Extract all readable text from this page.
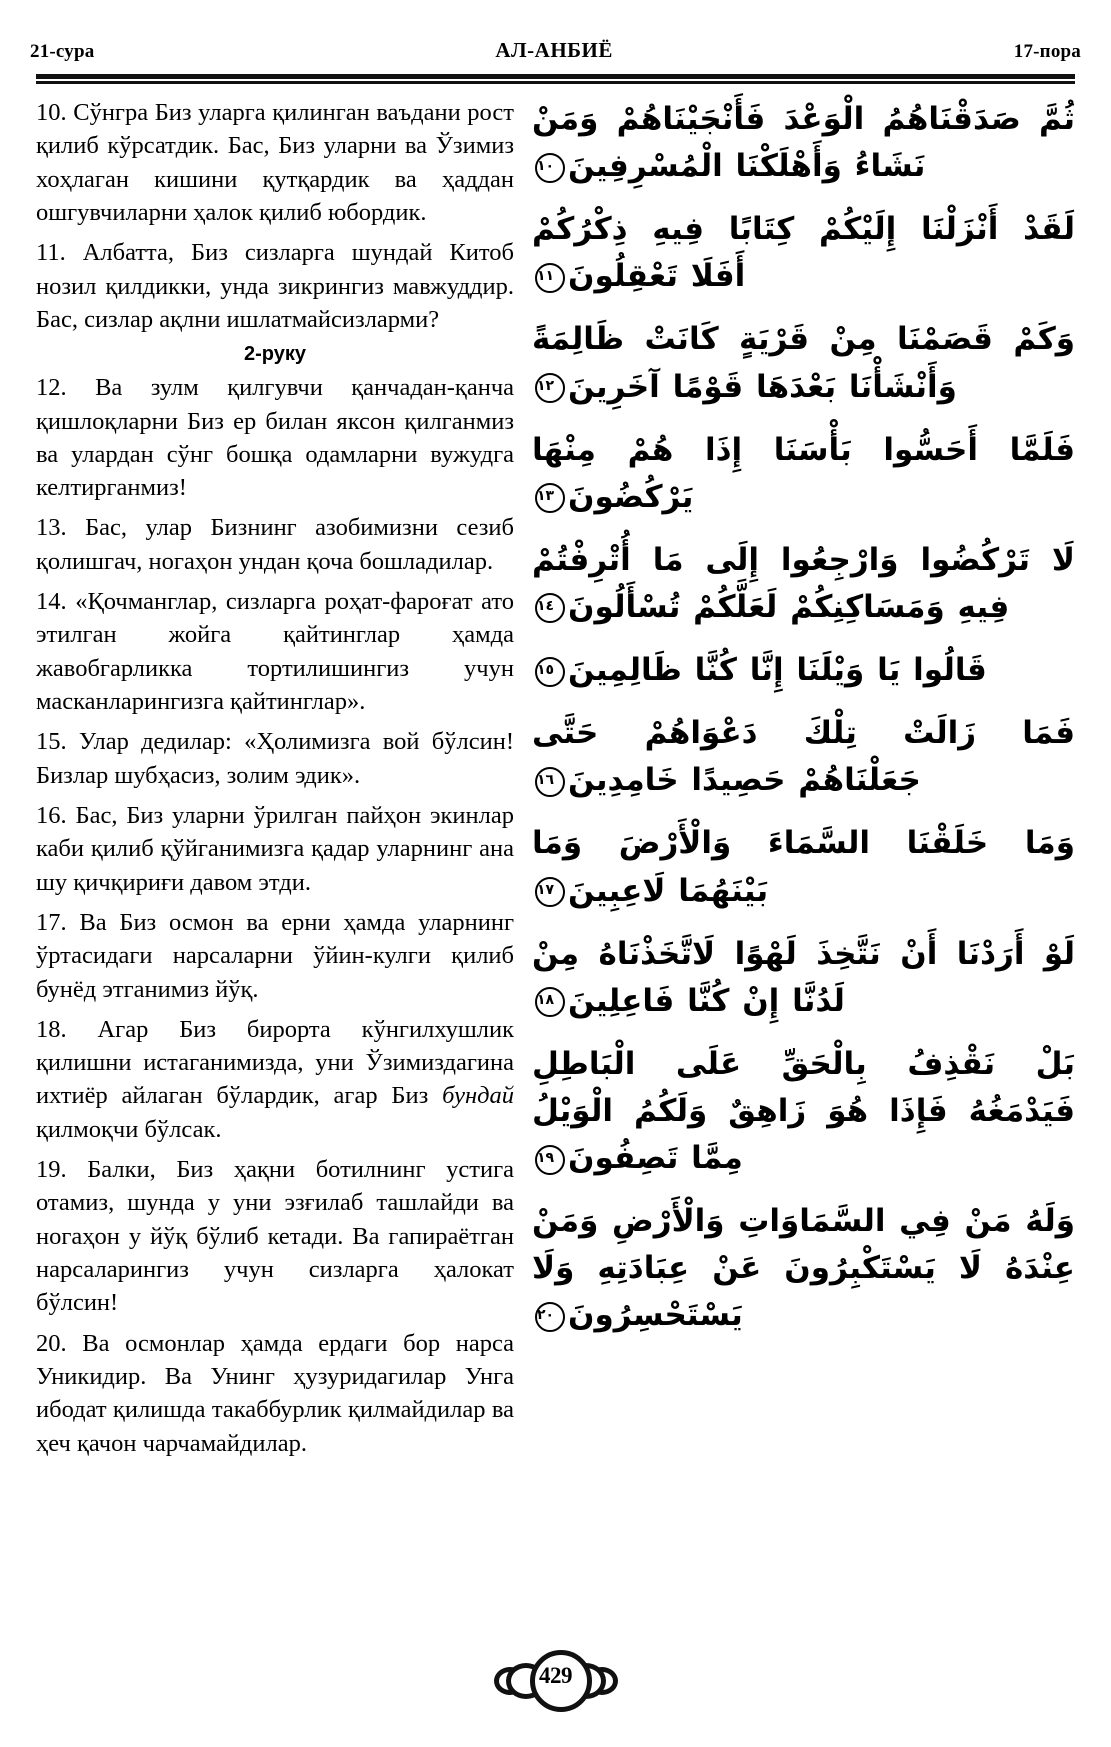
21-сура	АЛ-АНБИЁ	17-пора

10. Сўнгра Биз уларга қилинган ваъдани рост қилиб кўрсатдик. Бас, Биз уларни ва Ўзимиз хоҳлаган кишини қутқардик ва ҳаддан ошгувчиларни ҳалок қилиб юбордик.

11. Албатта, Биз сизларга шундай Китоб нозил қилдикки, унда зикрингиз мавжуддир. Бас, сизлар ақлни ишлатмайсизларми?

2-руку

12. Ва зулм қилгувчи қанчадан-қанча қишлоқларни Биз ер билан яксон қилганмиз ва улардан сўнг бошқа одамларни вужудга келтирганмиз!

13. Бас, улар Бизнинг азобимизни сезиб қолишгач, ногаҳон ундан қоча бошладилар.

14. «Қочманглар, сизларга роҳат-фароғат ато этилган жойга қайтинглар ҳамда жавобгарликка тортилишингиз учун масканларингизга қайтинглар».

15. Улар дедилар: «Ҳолимизга вой бўлсин! Бизлар шубҳасиз, золим эдик».

16. Бас, Биз уларни ўрилган пайҳон экинлар каби қилиб қўйганимизга қадар уларнинг ана шу қичқириғи давом этди.

17. Ва Биз осмон ва ерни ҳамда уларнинг ўртасидаги нарсаларни ўйин-кулги қилиб бунёд этганимиз йўқ.

18. Агар Биз бирорта кўнгилхушлик қилишни истаганимизда, уни Ўзимиздагина ихтиёр айлаган бўлардик, агар Биз бундай қилмоқчи бўлсак.

19. Балки, Биз ҳақни ботилнинг устига отамиз, шунда у уни эзғилаб ташлайди ва ногаҳон у йўқ бўлиб кетади. Ва гапираётган нарсаларингиз учун сизларга ҳалокат бўлсин!

20. Ва осмонлар ҳамда ердаги бор нарса Уникидир. Ва Унинг ҳузуридагилар Унга ибодат қилишда такаббурлик қилмайдилар ва ҳеч қачон чарчамайдилар.

ثُمَّ صَدَقْنَاهُمُ الْوَعْدَ فَأَنْجَيْنَاهُمْ وَمَنْ نَشَاءُ وَأَهْلَكْنَا الْمُسْرِفِينَ١٠

لَقَدْ أَنْزَلْنَا إِلَيْكُمْ كِتَابًا فِيهِ ذِكْرُكُمْ أَفَلَا تَعْقِلُونَ١١

وَكَمْ قَصَمْنَا مِنْ قَرْيَةٍ كَانَتْ ظَالِمَةً وَأَنْشَأْنَا بَعْدَهَا قَوْمًا آخَرِينَ١٢

فَلَمَّا أَحَسُّوا بَأْسَنَا إِذَا هُمْ مِنْهَا يَرْكُضُونَ١٣

لَا تَرْكُضُوا وَارْجِعُوا إِلَى مَا أُتْرِفْتُمْ فِيهِ وَمَسَاكِنِكُمْ لَعَلَّكُمْ تُسْأَلُونَ١٤

قَالُوا يَا وَيْلَنَا إِنَّا كُنَّا ظَالِمِينَ١٥

فَمَا زَالَتْ تِلْكَ دَعْوَاهُمْ حَتَّى جَعَلْنَاهُمْ حَصِيدًا خَامِدِينَ١٦

وَمَا خَلَقْنَا السَّمَاءَ وَالْأَرْضَ وَمَا بَيْنَهُمَا لَاعِبِينَ١٧

لَوْ أَرَدْنَا أَنْ نَتَّخِذَ لَهْوًا لَاتَّخَذْنَاهُ مِنْ لَدُنَّا إِنْ كُنَّا فَاعِلِينَ١٨

بَلْ نَقْذِفُ بِالْحَقِّ عَلَى الْبَاطِلِ فَيَدْمَغُهُ فَإِذَا هُوَ زَاهِقٌ وَلَكُمُ الْوَيْلُ مِمَّا تَصِفُونَ١٩

وَلَهُ مَنْ فِي السَّمَاوَاتِ وَالْأَرْضِ وَمَنْ عِنْدَهُ لَا يَسْتَكْبِرُونَ عَنْ عِبَادَتِهِ وَلَا يَسْتَحْسِرُونَ٢٠

429
